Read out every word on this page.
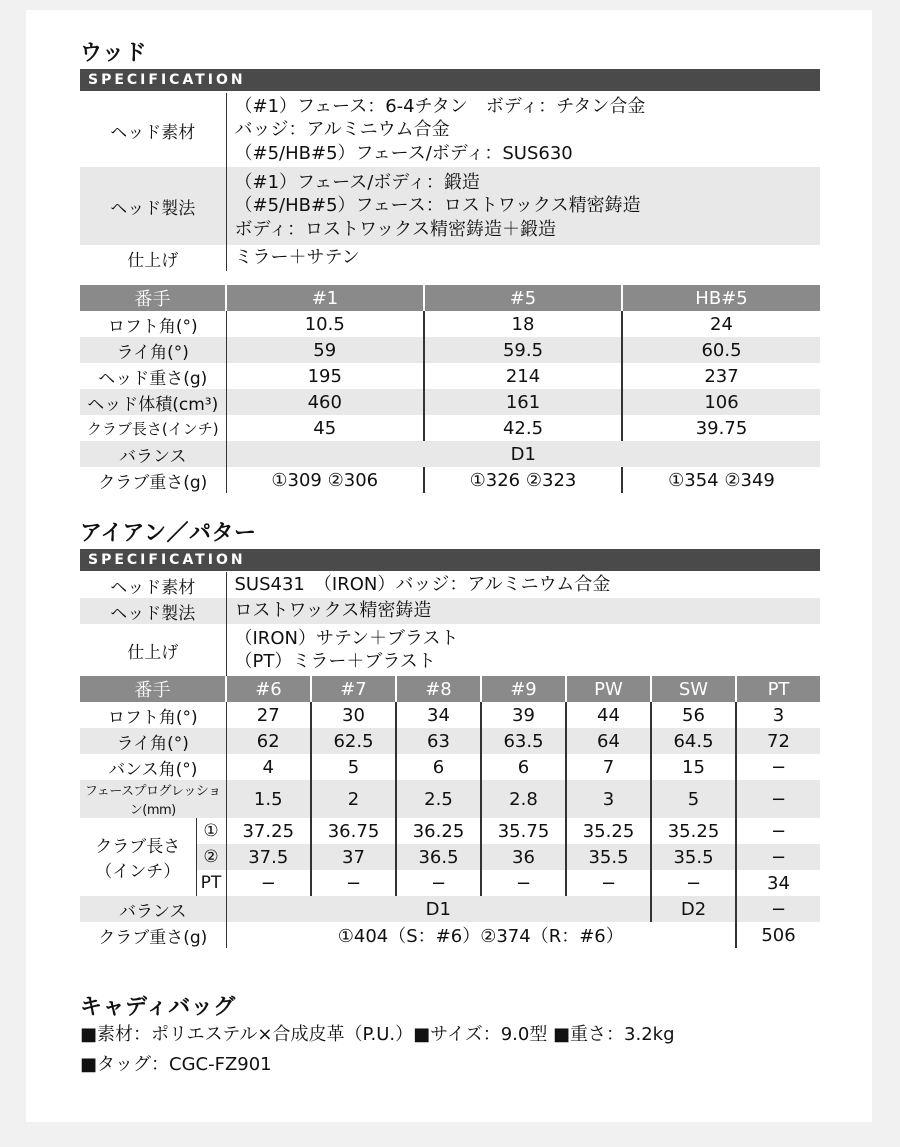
ウッド
SPECIFICATION
ヘッド素材	（#1）フェース：6-4チタン　ボディ：チタン合金
バッジ：アルミニウム合金
（#5/HB#5）フェース/ボディ：SUS630

ヘッド製法	（#1）フェース/ボディ：鍛造
（#5/HB#5）フェース：ロストワックス精密鋳造
ボディ：ロストワックス精密鋳造＋鍛造

仕上げ	ミラー＋サテン
番手	#1	#5	HB#5
ロフト角(°)	10.5	18	24
ライ角(°)	59	59.5	60.5
ヘッド重さ(g)	195	214	237
ヘッド体積(cm³)	460	161	106
クラブ長さ(インチ)	45	42.5	39.75
バランス	D1		
クラブ重さ(g)	①309 ②306	①326 ②323	①354 ②349
アイアン／パター
SPECIFICATION
ヘッド素材	SUS431　（IRON）バッジ：アルミニウム合金
ヘッド製法	ロストワックス精密鋳造
仕上げ	（IRON）サテン＋ブラスト
（PT）ミラー＋ブラスト
番手		#6	#7	#8	#9	PW	SW	PT
ロフト角(°)		27	30	34	39	44	56	3
ライ角(°)		62	62.5	63	63.5	64	64.5	72
バンス角(°)		4	5	6	6	7	15	−
フェースプログレッション(mm)		1.5	2	2.5	2.8	3	5	−

クラブ長さ
（インチ）	①	37.25	36.75	36.25	35.75	35.25	35.25	−
	②	37.5	37	36.5	36	35.5	35.5	−
	PT	−	−	−	−	−	−	34
バランス		D1					D2	−
クラブ重さ(g)		①404（S：#6）②374（R：#6）						506
キャディバッグ

■素材：ポリエステル×合成皮革（P.U.）■サイズ：9.0型 ■重さ：3.2kg

■タッグ：CGC-FZ901
